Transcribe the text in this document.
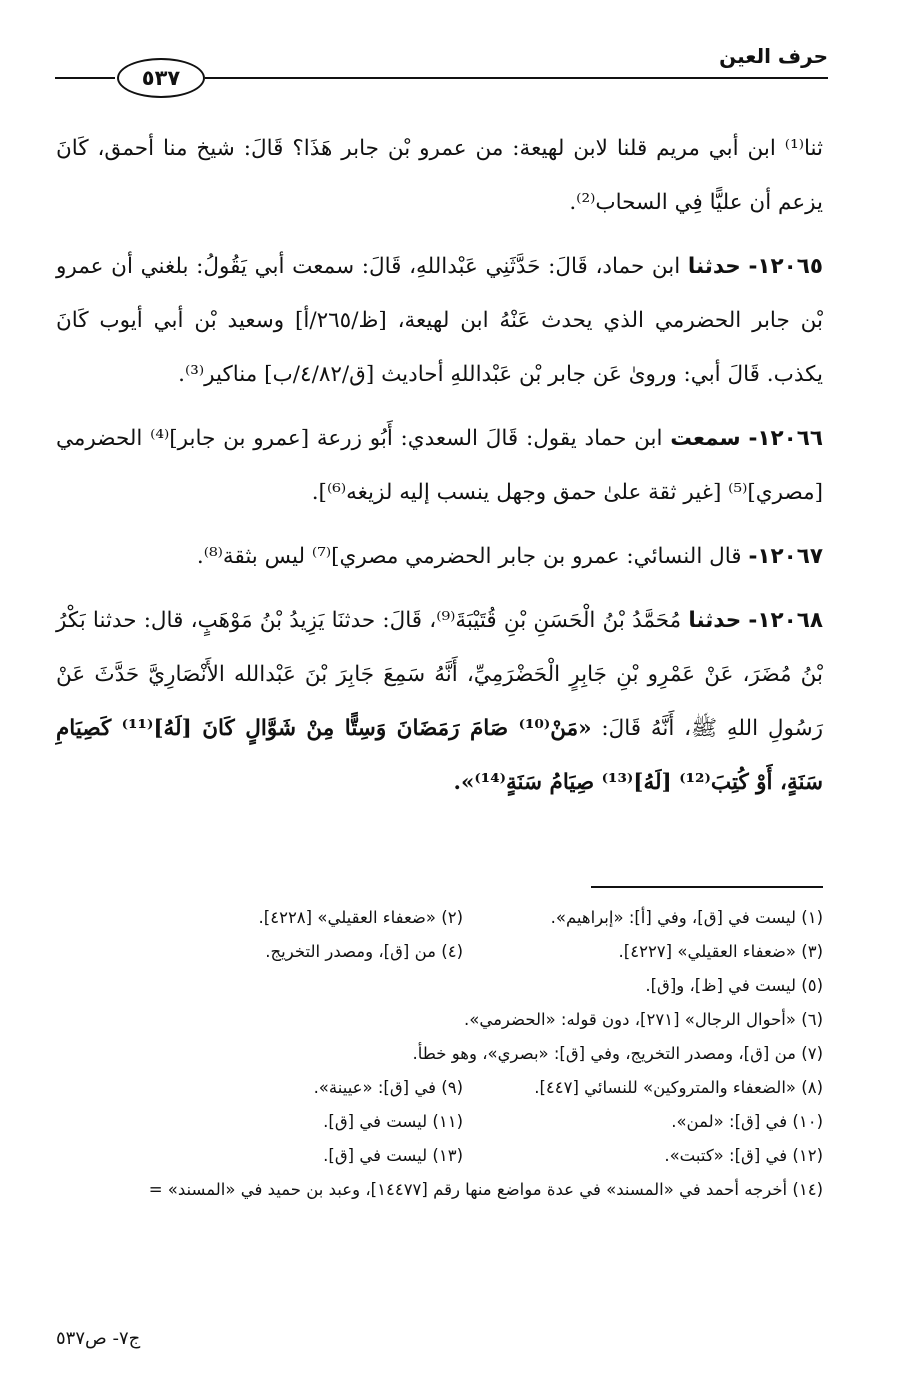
حرف العين
٥٣٧

ثنا⁽¹⁾ ابن أبي مريم قلنا لابن لهيعة: من عمرو بْن جابر هَذَا؟ قَالَ: شيخ منا أحمق، كَانَ يزعم أن عليًّا فِي السحاب⁽²⁾.

١٢٠٦٥- حدثنا ابن حماد، قَالَ: حَدَّثَنِي عَبْداللهِ، قَالَ: سمعت أبي يَقُولُ: بلغني أن عمرو بْن جابر الحضرمي الذي يحدث عَنْهُ ابن لهيعة، [ظ/٢٦٥/أ] وسعيد بْن أبي أيوب كَانَ يكذب. قَالَ أبي: وروىٰ عَن جابر بْن عَبْداللهِ أحاديث [ق/٤/٨٢/ب] مناكير⁽³⁾.

١٢٠٦٦- سمعت ابن حماد يقول: قَالَ السعدي: أَبُو زرعة [عمرو بن جابر]⁽⁴⁾ الحضرمي [مصري]⁽⁵⁾ [غير ثقة علىٰ حمق وجهل ينسب إليه لزيغه⁽⁶⁾].

١٢٠٦٧- قال النسائي: عمرو بن جابر الحضرمي مصري]⁽⁷⁾ ليس بثقة⁽⁸⁾.

١٢٠٦٨- حدثنا مُحَمَّدُ بْنُ الْحَسَنِ بْنِ قُتَيْبَةَ⁽⁹⁾، قَالَ: حدثنَا يَزِيدُ بْنُ مَوْهَبٍ، قال: حدثنا بَكْرُ بْنُ مُضَرَ، عَنْ عَمْرِو بْنِ جَابِرٍ الْحَضْرَمِيِّ، أَنَّهُ سَمِعَ جَابِرَ بْنَ عَبْدالله الأَنْصَارِيَّ حَدَّثَ عَنْ رَسُولِ اللهِ ﷺ، أَنَّهُ قَالَ: «مَنْ⁽¹⁰⁾ صَامَ رَمَضَانَ وَسِتًّا مِنْ شَوَّالٍ كَانَ [لَهُ]⁽¹¹⁾ كَصِيَامِ سَنَةٍ، أَوْ كُتِبَ⁽¹²⁾ [لَهُ]⁽¹³⁾ صِيَامُ سَنَةٍ⁽¹⁴⁾».

(١) ليست في [ق]، وفي [أ]: «إبراهيم».
(٢) «ضعفاء العقيلي» [٤٢٢٨].
(٣) «ضعفاء العقيلي» [٤٢٢٧].
(٤) من [ق]، ومصدر التخريج.
(٥) ليست في [ظ]، و[ق].
(٦) «أحوال الرجال» [٢٧١]، دون قوله: «الحضرمي».
(٧) من [ق]، ومصدر التخريج، وفي [ق]: «بصري»، وهو خطأ.
(٨) «الضعفاء والمتروكين» للنسائي [٤٤٧].
(٩) في [ق]: «عيينة».
(١٠) في [ق]: «لمن».
(١١) ليست في [ق].
(١٢) في [ق]: «كتبت».
(١٣) ليست في [ق].
(١٤) أخرجه أحمد في «المسند» في عدة مواضع منها رقم [١٤٤٧٧]، وعبد بن حميد في «المسند» =
ج٧- ص٥٣٧
